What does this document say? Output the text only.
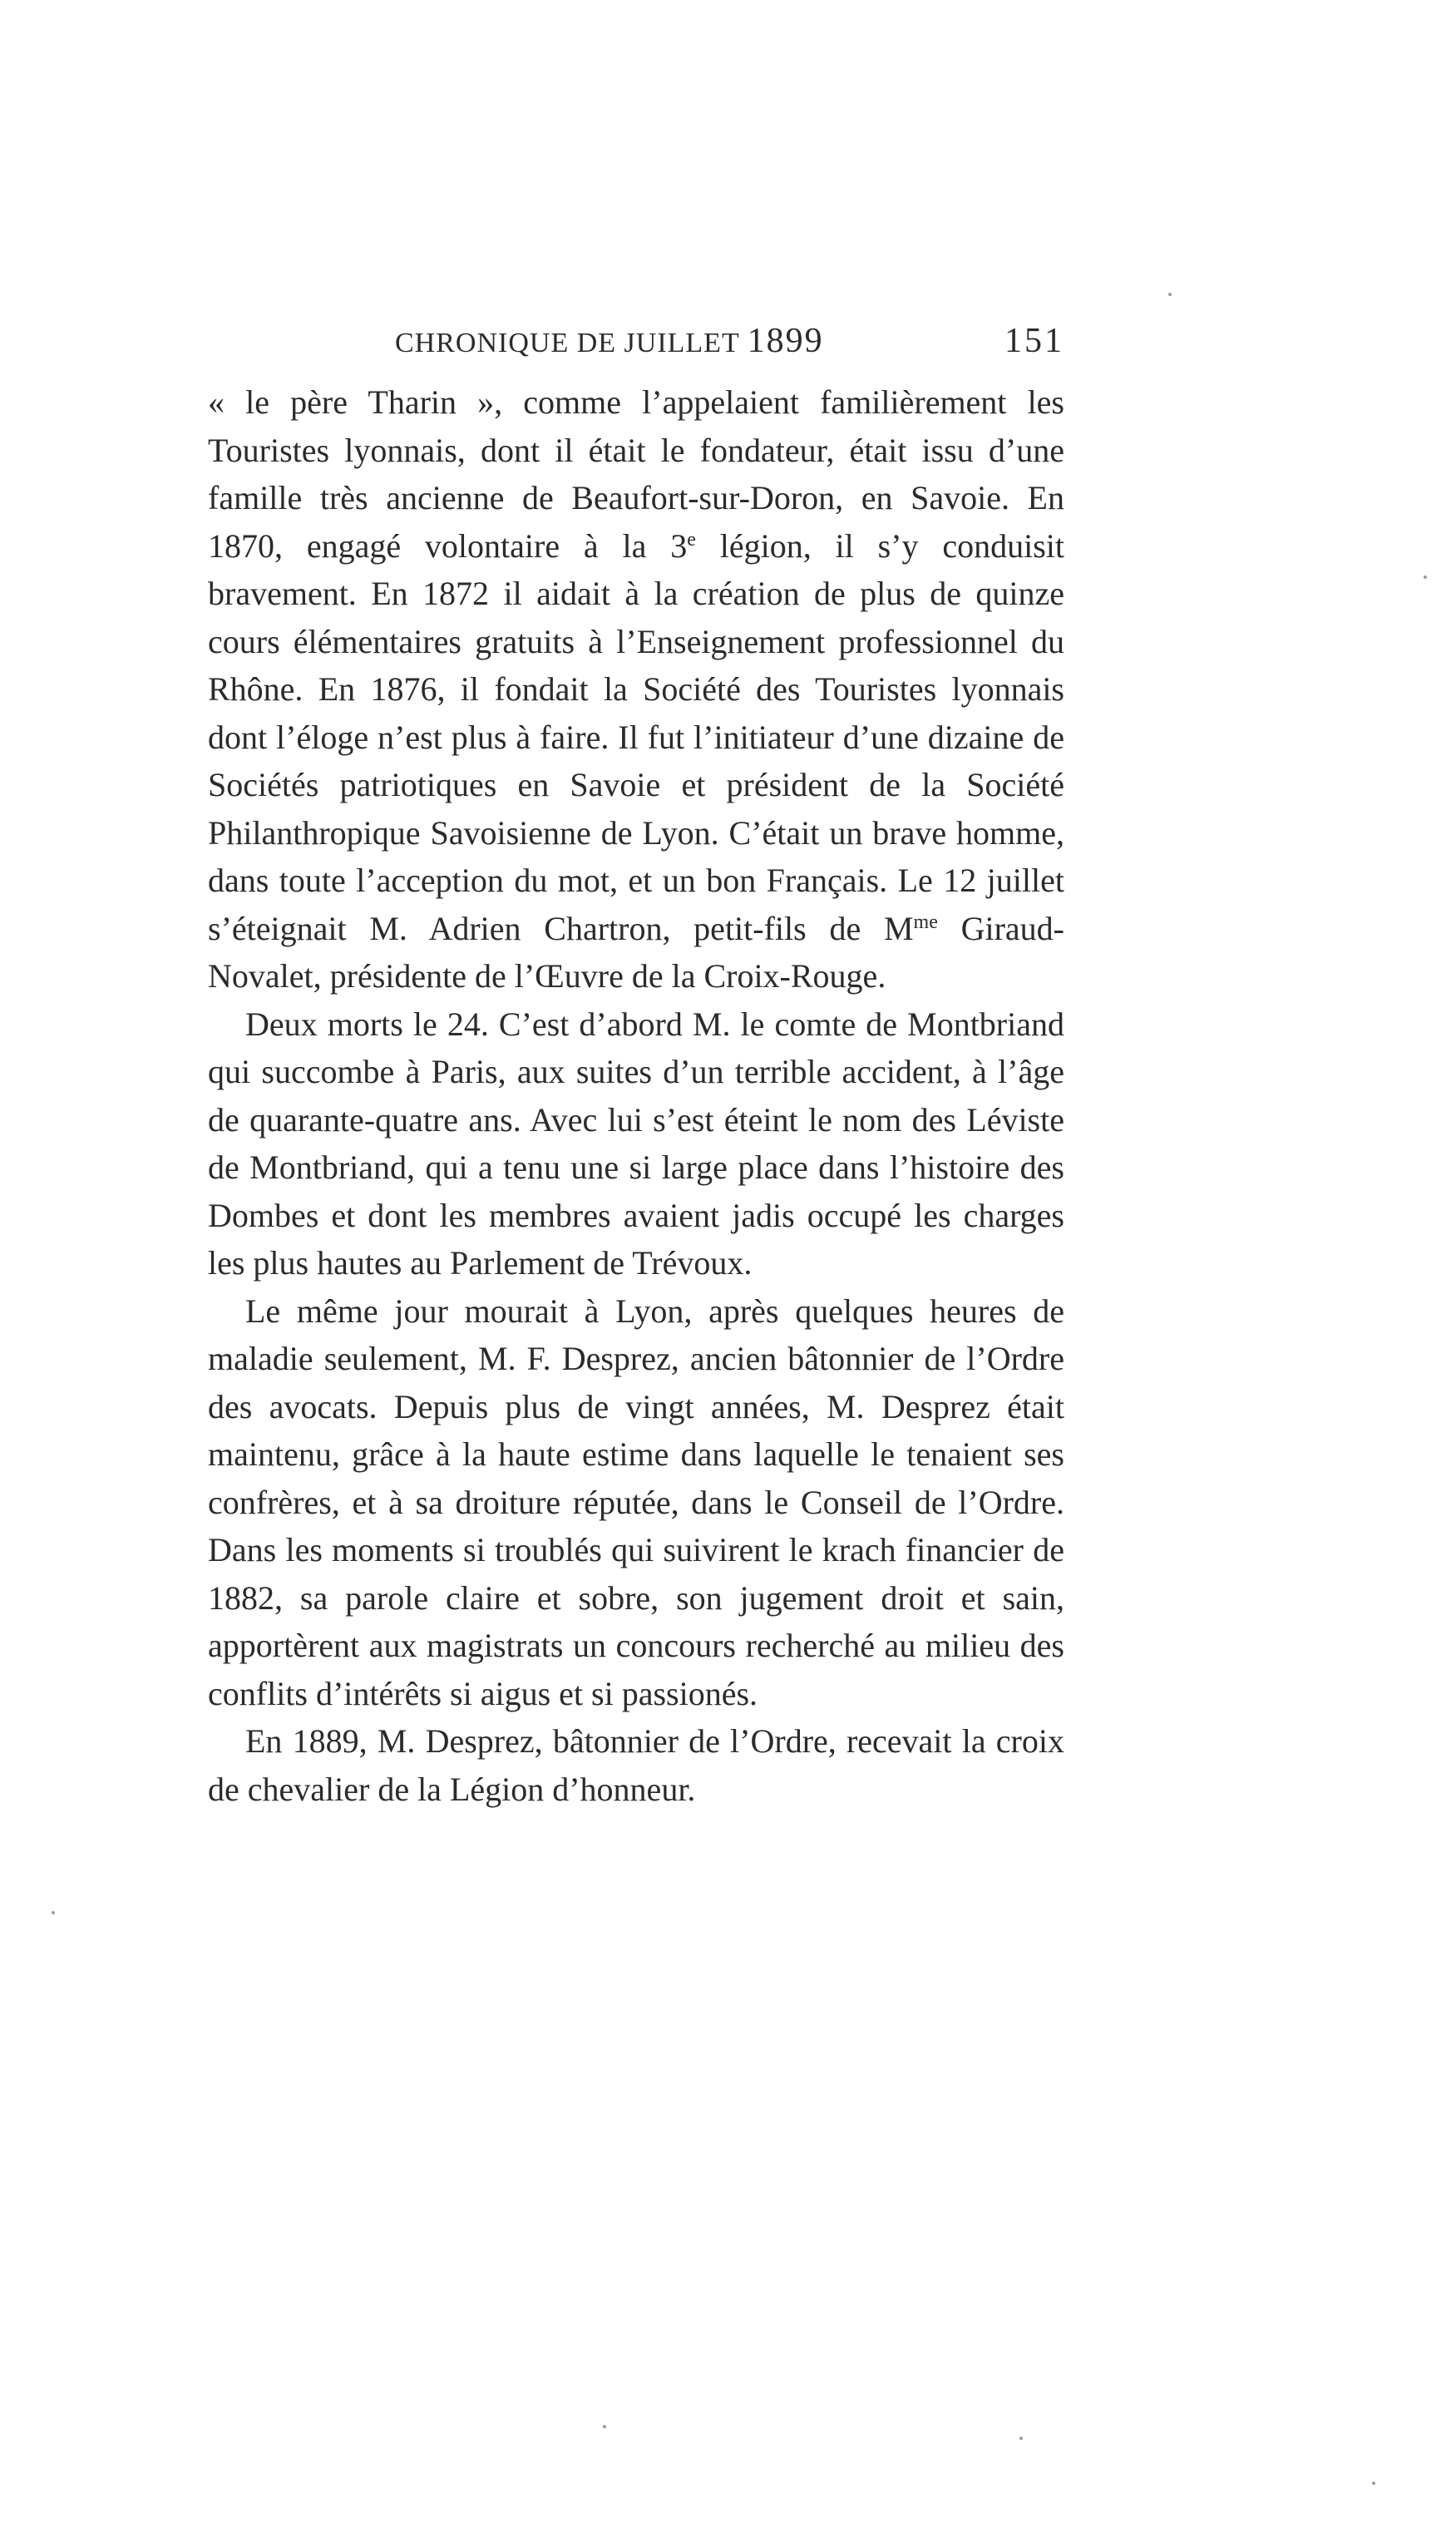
CHRONIQUE DE JUILLET 1899	151

« le père Tharin », comme l’appelaient familièrement les Touristes lyonnais, dont il était le fondateur, était issu d’une famille très ancienne de Beaufort-sur-Doron, en Savoie. En 1870, engagé volontaire à la 3e légion, il s’y conduisit bravement. En 1872 il aidait à la création de plus de quinze cours élémentaires gratuits à l’Enseignement professionnel du Rhône. En 1876, il fondait la Société des Touristes lyonnais dont l’éloge n’est plus à faire. Il fut l’initiateur d’une dizaine de Sociétés patriotiques en Savoie et président de la Société Philanthropique Savoisienne de Lyon. C’était un brave homme, dans toute l’acception du mot, et un bon Français. Le 12 juillet s’éteignait M. Adrien Chartron, petit-fils de $M^{me}$ Giraud-Novalet, présidente de l’Œuvre de la Croix-Rouge.

Deux morts le 24. C’est d’abord M. le comte de Montbriand qui succombe à Paris, aux suites d’un terrible accident, à l’âge de quarante-quatre ans. Avec lui s’est éteint le nom des Léviste de Montbriand, qui a tenu une si large place dans l’histoire des Dombes et dont les membres avaient jadis occupé les charges les plus hautes au Parlement de Trévoux.

Le même jour mourait à Lyon, après quelques heures de maladie seulement, M. F. Desprez, ancien bâtonnier de l’Ordre des avocats. Depuis plus de vingt années, M. Desprez était maintenu, grâce à la haute estime dans laquelle le tenaient ses confrères, et à sa droiture réputée, dans le Conseil de l’Ordre. Dans les moments si troublés qui suivirent le krach financier de 1882, sa parole claire et sobre, son jugement droit et sain, apportèrent aux magistrats un concours recherché au milieu des conflits d’intérêts si aigus et si passionés.

En 1889, M. Desprez, bâtonnier de l’Ordre, recevait la croix de chevalier de la Légion d’honneur.
